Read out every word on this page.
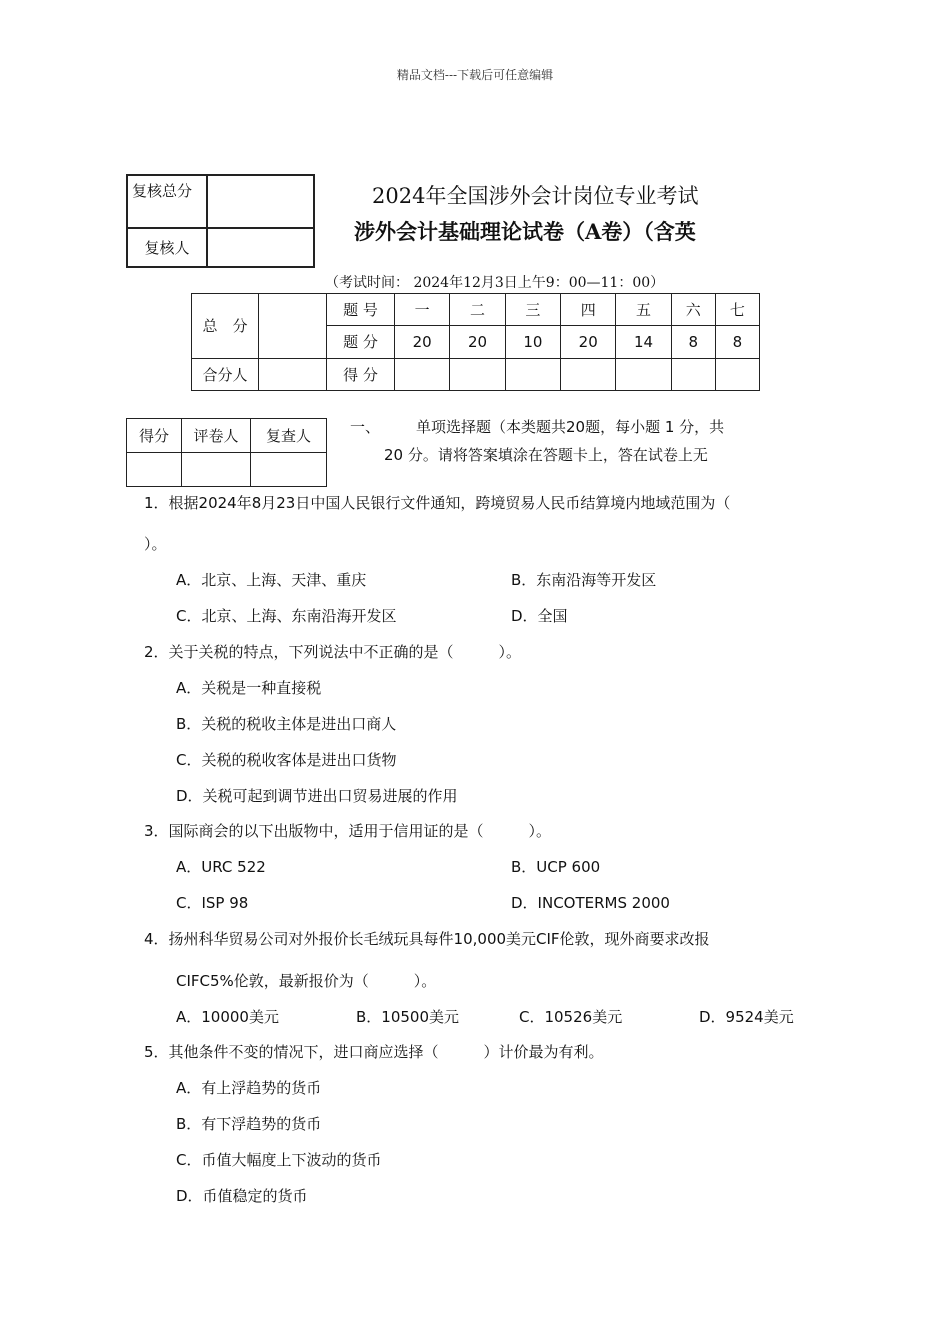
精品文档---下载后可任意编辑
复核总分	
复核人	
2024年全国涉外会计岗位专业考试
涉外会计基础理论试卷（A卷）（含英
（考试时间： 2024年12月3日上午9：00—11：00）
总　分		题 号	一	二	三	四	五	六	七
		题 分	20	20	10	20	14	8	8
合分人		得 分							
得分	评卷人	复查人
			一、 单项选择题（本类题共20题，每小题 1 分，共
20 分。请将答案填涂在答题卡上，答在试卷上无
1．根据2024年8月23日中国人民银行文件通知，跨境贸易人民币结算境内地域范围为（
）。
A．北京、上海、天津、重庆	B．东南沿海等开发区
C．北京、上海、东南沿海开发区	D．全国
2．关于关税的特点，下列说法中不正确的是（　　　）。
A．关税是一种直接税
B．关税的税收主体是进出口商人
C．关税的税收客体是进出口货物
D．关税可起到调节进出口贸易进展的作用
3．国际商会的以下出版物中，适用于信用证的是（　　　）。
A．URC 522	B．UCP 600
C．ISP 98	D．INCOTERMS 2000
4．扬州科华贸易公司对外报价长毛绒玩具每件10,000美元CIF伦敦，现外商要求改报
CIFC5%伦敦，最新报价为（　　　）。
A．10000美元	B．10500美元	C．10526美元	D．9524美元
5．其他条件不变的情况下，进口商应选择（　　　）计价最为有利。
A．有上浮趋势的货币
B．有下浮趋势的货币
C．币值大幅度上下波动的货币
D．币值稳定的货币
